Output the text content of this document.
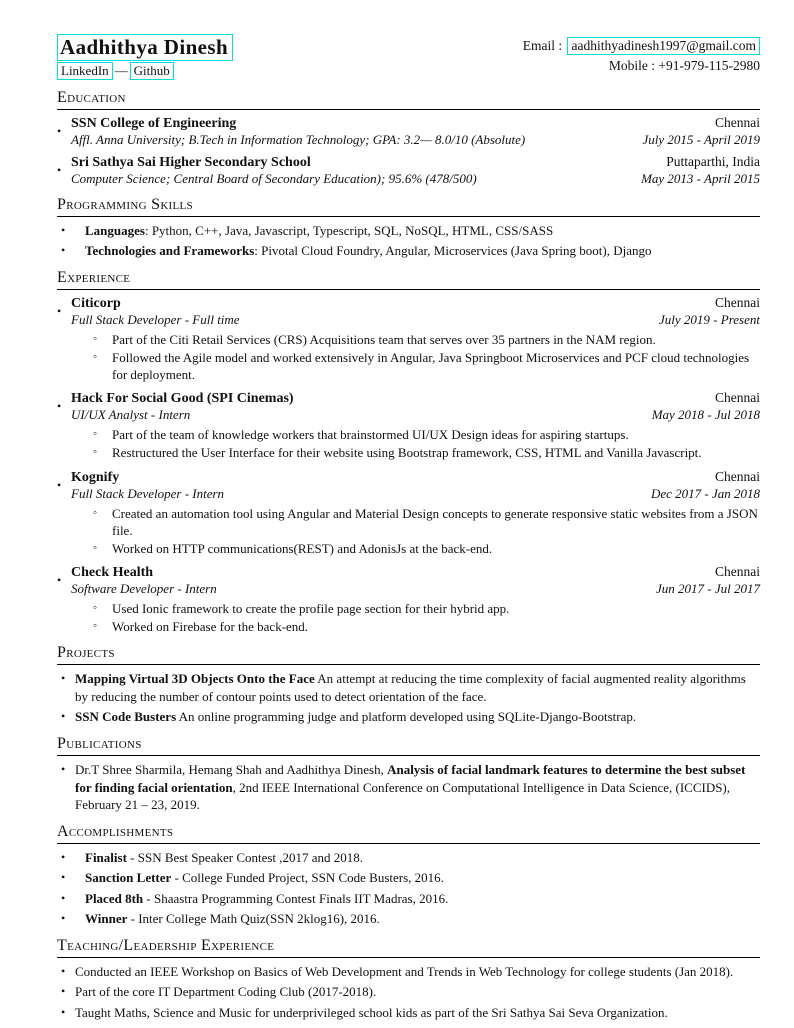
Aadhithya Dinesh
LinkedIn — Github
Email : aadhithyadinesh1997@gmail.com
Mobile : +91-979-115-2980
Education
• SSN College of Engineering	Chennai
Affl. Anna University; B.Tech in Information Technology; GPA: 3.2— 8.0/10 (Absolute)	July 2015 - April 2019
• Sri Sathya Sai Higher Secondary School	Puttaparthi, India
Computer Science; Central Board of Secondary Education); 95.6% (478/500)	May 2013 - April 2015
Programming Skills
•	Languages: Python, C++, Java, Javascript, Typescript, SQL, NoSQL, HTML, CSS/SASS
•	Technologies and Frameworks: Pivotal Cloud Foundry, Angular, Microservices (Java Spring boot), Django
Experience
• Citicorp	Chennai
Full Stack Developer - Full time	July 2019 - Present
◦	Part of the Citi Retail Services (CRS) Acquisitions team that serves over 35 partners in the NAM region.
◦	Followed the Agile model and worked extensively in Angular, Java Springboot Microservices and PCF cloud technologies for deployment.
• Hack For Social Good (SPI Cinemas)	Chennai
UI/UX Analyst - Intern	May 2018 - Jul 2018
◦	Part of the team of knowledge workers that brainstormed UI/UX Design ideas for aspiring startups.
◦	Restructured the User Interface for their website using Bootstrap framework, CSS, HTML and Vanilla Javascript.
• Kognify	Chennai
Full Stack Developer - Intern	Dec 2017 - Jan 2018
◦	Created an automation tool using Angular and Material Design concepts to generate responsive static websites from a JSON file.
◦	Worked on HTTP communications(REST) and AdonisJs at the back-end.
• Check Health	Chennai
Software Developer - Intern	Jun 2017 - Jul 2017
◦	Used Ionic framework to create the profile page section for their hybrid app.
◦	Worked on Firebase for the back-end.
Projects
• Mapping Virtual 3D Objects Onto the Face An attempt at reducing the time complexity of facial augmented reality algorithms by reducing the number of contour points used to detect orientation of the face.
• SSN Code Busters An online programming judge and platform developed using SQLite-Django-Bootstrap.
Publications
• Dr.T Shree Sharmila, Hemang Shah and Aadhithya Dinesh, Analysis of facial landmark features to determine the best subset for finding facial orientation, 2nd IEEE International Conference on Computational Intelligence in Data Science, (ICCIDS), February 21 – 23, 2019.
Accomplishments
•	Finalist - SSN Best Speaker Contest ,2017 and 2018.
•	Sanction Letter - College Funded Project, SSN Code Busters, 2016.
•	Placed 8th - Shaastra Programming Contest Finals IIT Madras, 2016.
•	Winner - Inter College Math Quiz(SSN 2klog16), 2016.
Teaching/Leadership Experience
• Conducted an IEEE Workshop on Basics of Web Development and Trends in Web Technology for college students (Jan 2018).
• Part of the core IT Department Coding Club (2017-2018).
• Taught Maths, Science and Music for underprivileged school kids as part of the Sri Sathya Sai Seva Organization.
